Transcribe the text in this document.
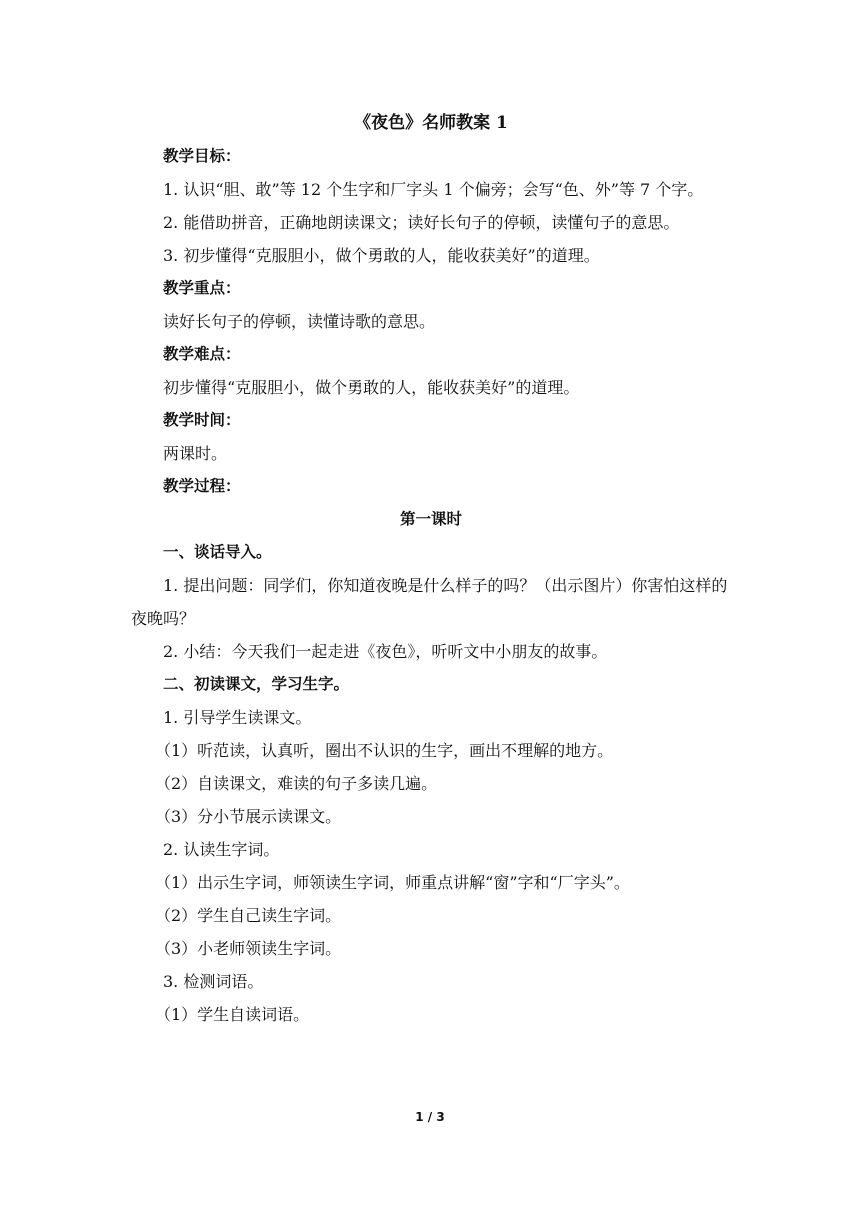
《夜色》名师教案 1

教学目标：

1. 认识“胆、敢”等 12 个生字和厂字头 1 个偏旁；会写“色、外”等 7 个字。

2. 能借助拼音，正确地朗读课文；读好长句子的停顿，读懂句子的意思。

3. 初步懂得“克服胆小，做个勇敢的人，能收获美好”的道理。

教学重点：

读好长句子的停顿，读懂诗歌的意思。

教学难点：

初步懂得“克服胆小，做个勇敢的人，能收获美好”的道理。

教学时间：

两课时。

教学过程：

第一课时

一、谈话导入。

1. 提出问题：同学们，你知道夜晚是什么样子的吗？（出示图片）你害怕这样的夜晚吗？

2. 小结：今天我们一起走进《夜色》，听听文中小朋友的故事。

二、初读课文，学习生字。

1. 引导学生读课文。

（1）听范读，认真听，圈出不认识的生字，画出不理解的地方。

（2）自读课文，难读的句子多读几遍。

（3）分小节展示读课文。

2. 认读生字词。

（1）出示生字词，师领读生字词，师重点讲解“窗”字和“厂字头”。

（2）学生自己读生字词。

（3）小老师领读生字词。

3. 检测词语。

（1）学生自读词语。

1 / 3
